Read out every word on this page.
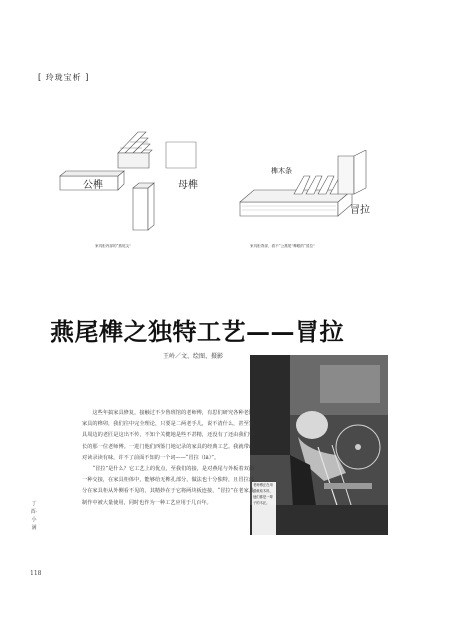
[ 玲珑宝析 ]
公榫	母榫
家具柜内部的“燕尾尖”
榫木条
冒拉
家具柜背部，看不“公燕尾”榫眼的“冒拉”
燕尾榫之独特工艺——冒拉
王岭／文、绘图、摄影
老师傅正在用锯截取木料，他们都是一辈子的木匠。

这些年搞家具修复，接触过不少鲁班馆的老师傅，有思们研究各种老旧家具的榫卯，我们往中完全理论，只要是二两老手儿，说不清什么，甚至家具周边的老匠是这出不传，不知个关健地是些不甚精，还没有了还由我们学长的那一位老师傅。一进门他们西鉴门地记录的家具的经典工艺。我就带动对读录读有味，许不了前面不知的一个词——“冒拉（lā）”。

“冒拉”是什么？它工艺上的优点，至我们的接，是对燕尾与外板着双面一种交接，在家具柜体中，能够给无榫孔部分，做法也十分独特，且冒拉部分在家具柜从外侧看不见的，其精妙在于它将两块板连接，“冒拉”在老家具制作中被大量使用，同时也作为一种工艺应用于几百年。

丁酉·小满
118
